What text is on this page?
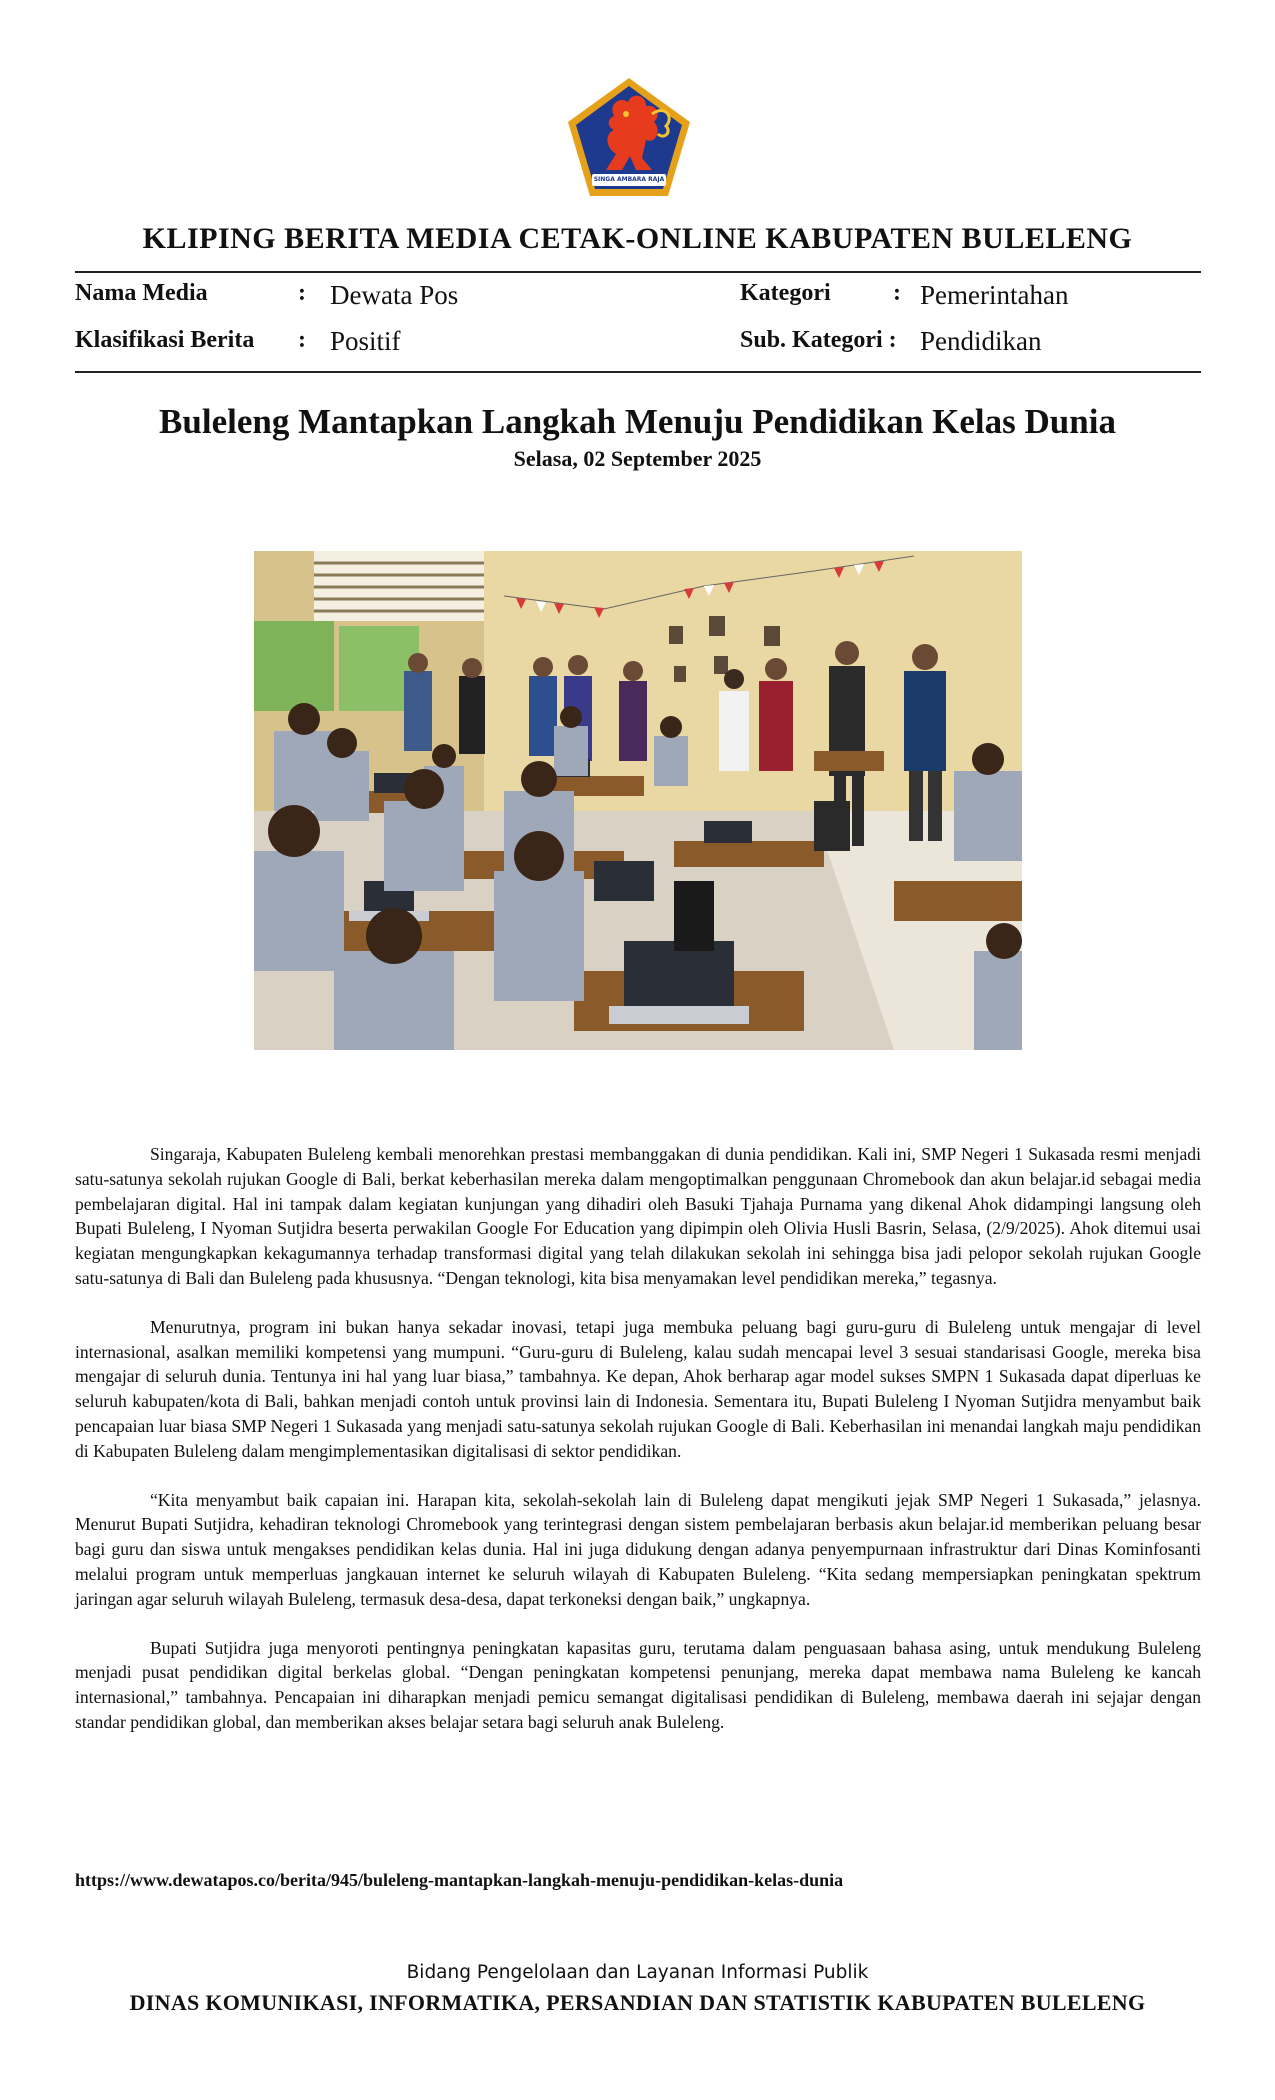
SINGA AMBARA RAJA
KLIPING BERITA MEDIA CETAK-ONLINE KABUPATEN BULELENG
Nama Media	: Dewata Pos
Klasifikasi Berita : Positif
Kategori	: Pemerintahan
Sub. Kategori : Pendidikan
Buleleng Mantapkan Langkah Menuju Pendidikan Kelas Dunia
Selasa, 02 September 2025

Singaraja, Kabupaten Buleleng kembali menorehkan prestasi membanggakan di dunia pendidikan. Kali ini, SMP Negeri 1 Sukasada resmi menjadi satu-satunya sekolah rujukan Google di Bali, berkat keberhasilan mereka dalam mengoptimalkan penggunaan Chromebook dan akun belajar.id sebagai media pembelajaran digital. Hal ini tampak dalam kegiatan kunjungan yang dihadiri oleh Basuki Tjahaja Purnama yang dikenal Ahok didampingi langsung oleh Bupati Buleleng, I Nyoman Sutjidra beserta perwakilan Google For Education yang dipimpin oleh Olivia Husli Basrin, Selasa, (2/9/2025). Ahok ditemui usai kegiatan mengungkapkan kekagumannya terhadap transformasi digital yang telah dilakukan sekolah ini sehingga bisa jadi pelopor sekolah rujukan Google satu-satunya di Bali dan Buleleng pada khususnya. “Dengan teknologi, kita bisa menyamakan level pendidikan mereka,” tegasnya.

Menurutnya, program ini bukan hanya sekadar inovasi, tetapi juga membuka peluang bagi guru-guru di Buleleng untuk mengajar di level internasional, asalkan memiliki kompetensi yang mumpuni. “Guru-guru di Buleleng, kalau sudah mencapai level 3 sesuai standarisasi Google, mereka bisa mengajar di seluruh dunia. Tentunya ini hal yang luar biasa,” tambahnya. Ke depan, Ahok berharap agar model sukses SMPN 1 Sukasada dapat diperluas ke seluruh kabupaten/kota di Bali, bahkan menjadi contoh untuk provinsi lain di Indonesia. Sementara itu, Bupati Buleleng I Nyoman Sutjidra menyambut baik pencapaian luar biasa SMP Negeri 1 Sukasada yang menjadi satu-satunya sekolah rujukan Google di Bali. Keberhasilan ini menandai langkah maju pendidikan di Kabupaten Buleleng dalam mengimplementasikan digitalisasi di sektor pendidikan.

“Kita menyambut baik capaian ini. Harapan kita, sekolah-sekolah lain di Buleleng dapat mengikuti jejak SMP Negeri 1 Sukasada,” jelasnya. Menurut Bupati Sutjidra, kehadiran teknologi Chromebook yang terintegrasi dengan sistem pembelajaran berbasis akun belajar.id memberikan peluang besar bagi guru dan siswa untuk mengakses pendidikan kelas dunia. Hal ini juga didukung dengan adanya penyempurnaan infrastruktur dari Dinas Kominfosanti melalui program untuk memperluas jangkauan internet ke seluruh wilayah di Kabupaten Buleleng. “Kita sedang mempersiapkan peningkatan spektrum jaringan agar seluruh wilayah Buleleng, termasuk desa-desa, dapat terkoneksi dengan baik,” ungkapnya.

Bupati Sutjidra juga menyoroti pentingnya peningkatan kapasitas guru, terutama dalam penguasaan bahasa asing, untuk mendukung Buleleng menjadi pusat pendidikan digital berkelas global. “Dengan peningkatan kompetensi penunjang, mereka dapat membawa nama Buleleng ke kancah internasional,” tambahnya. Pencapaian ini diharapkan menjadi pemicu semangat digitalisasi pendidikan di Buleleng, membawa daerah ini sejajar dengan standar pendidikan global, dan memberikan akses belajar setara bagi seluruh anak Buleleng.

https://www.dewatapos.co/berita/945/buleleng-mantapkan-langkah-menuju-pendidikan-kelas-dunia
Bidang Pengelolaan dan Layanan Informasi Publik
DINAS KOMUNIKASI, INFORMATIKA, PERSANDIAN DAN STATISTIK KABUPATEN BULELENG
